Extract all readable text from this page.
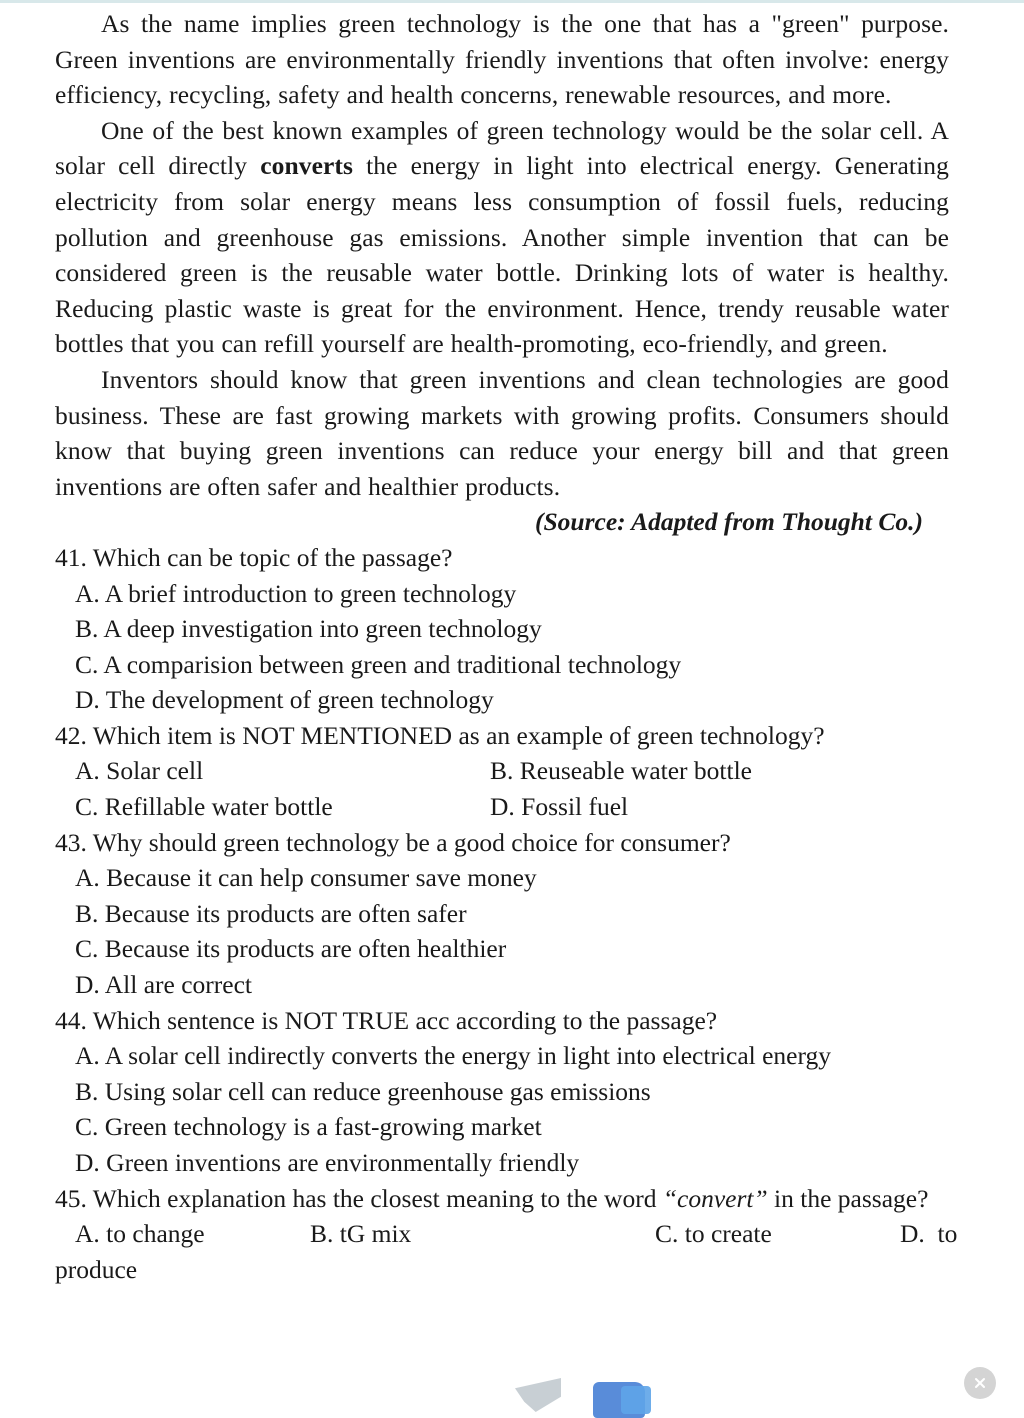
As the name implies green technology is the one that has a "green" purpose. Green inventions are environmentally friendly inventions that often involve: energy efficiency, recycling, safety and health concerns, renewable resources, and more.

One of the best known examples of green technology would be the solar cell. A solar cell directly converts the energy in light into electrical energy. Generating electricity from solar energy means less consumption of fossil fuels, reducing pollution and greenhouse gas emissions. Another simple invention that can be considered green is the reusable water bottle. Drinking lots of water is healthy. Reducing plastic waste is great for the environment. Hence, trendy reusable water bottles that you can refill yourself are health-promoting, eco-friendly, and green.

Inventors should know that green inventions and clean technologies are good business. These are fast growing markets with growing profits. Consumers should know that buying green inventions can reduce your energy bill and that green inventions are often safer and healthier products.

(Source: Adapted from Thought Co.)

41. Which can be topic of the passage?

A. A brief introduction to green technology

B. A deep investigation into green technology

C. A comparision between green and traditional technology

D. The development of green technology

42. Which item is NOT MENTIONED as an example of green technology?

A. Solar cell	B. Reuseable water bottle
C. Refillable water bottle	D. Fossil fuel

43. Why should green technology be a good choice for consumer?

A. Because it can help consumer save money

B. Because its products are often safer

C. Because its products are often healthier

D. All are correct

44. Which sentence is NOT TRUE acc according to the passage?

A. A solar cell indirectly converts the energy in light into electrical energy

B. Using solar cell can reduce greenhouse gas emissions

C. Green technology is a fast-growing market

D. Green inventions are environmentally friendly

45. Which explanation has the closest meaning to the word “convert” in the passage?

A. to change	B. tG mix	C. to create	D.  to

produce
